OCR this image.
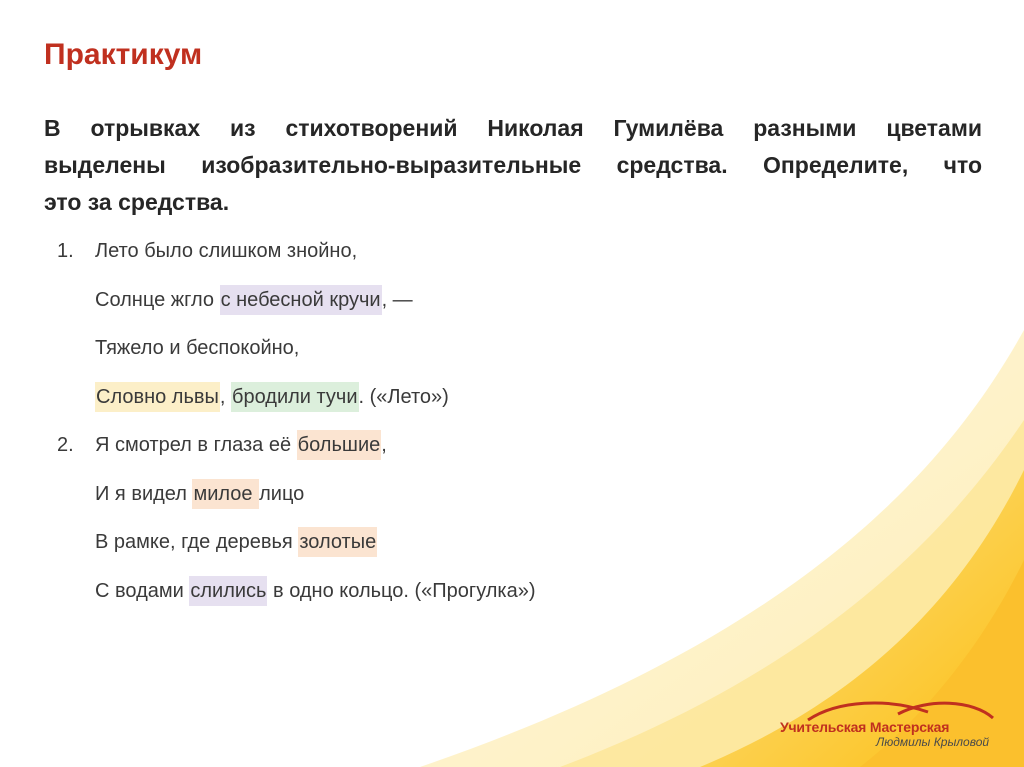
Практикум
В отрывках из стихотворений Николая Гумилёва разными цветами
выделены изобразительно-выразительные средства. Определите, что
это за средства.
1. Лето было слишком знойно,
Солнце жгло с небесной кручи, —
Тяжело и беспокойно,
Словно львы, бродили тучи. («Лето»)
2. Я смотрел в глаза её большие,
И я видел милое лицо
В рамке, где деревья золотые
С водами слились в одно кольцо. («Прогулка»)
Учительская Мастерская
Людмилы Крыловой
